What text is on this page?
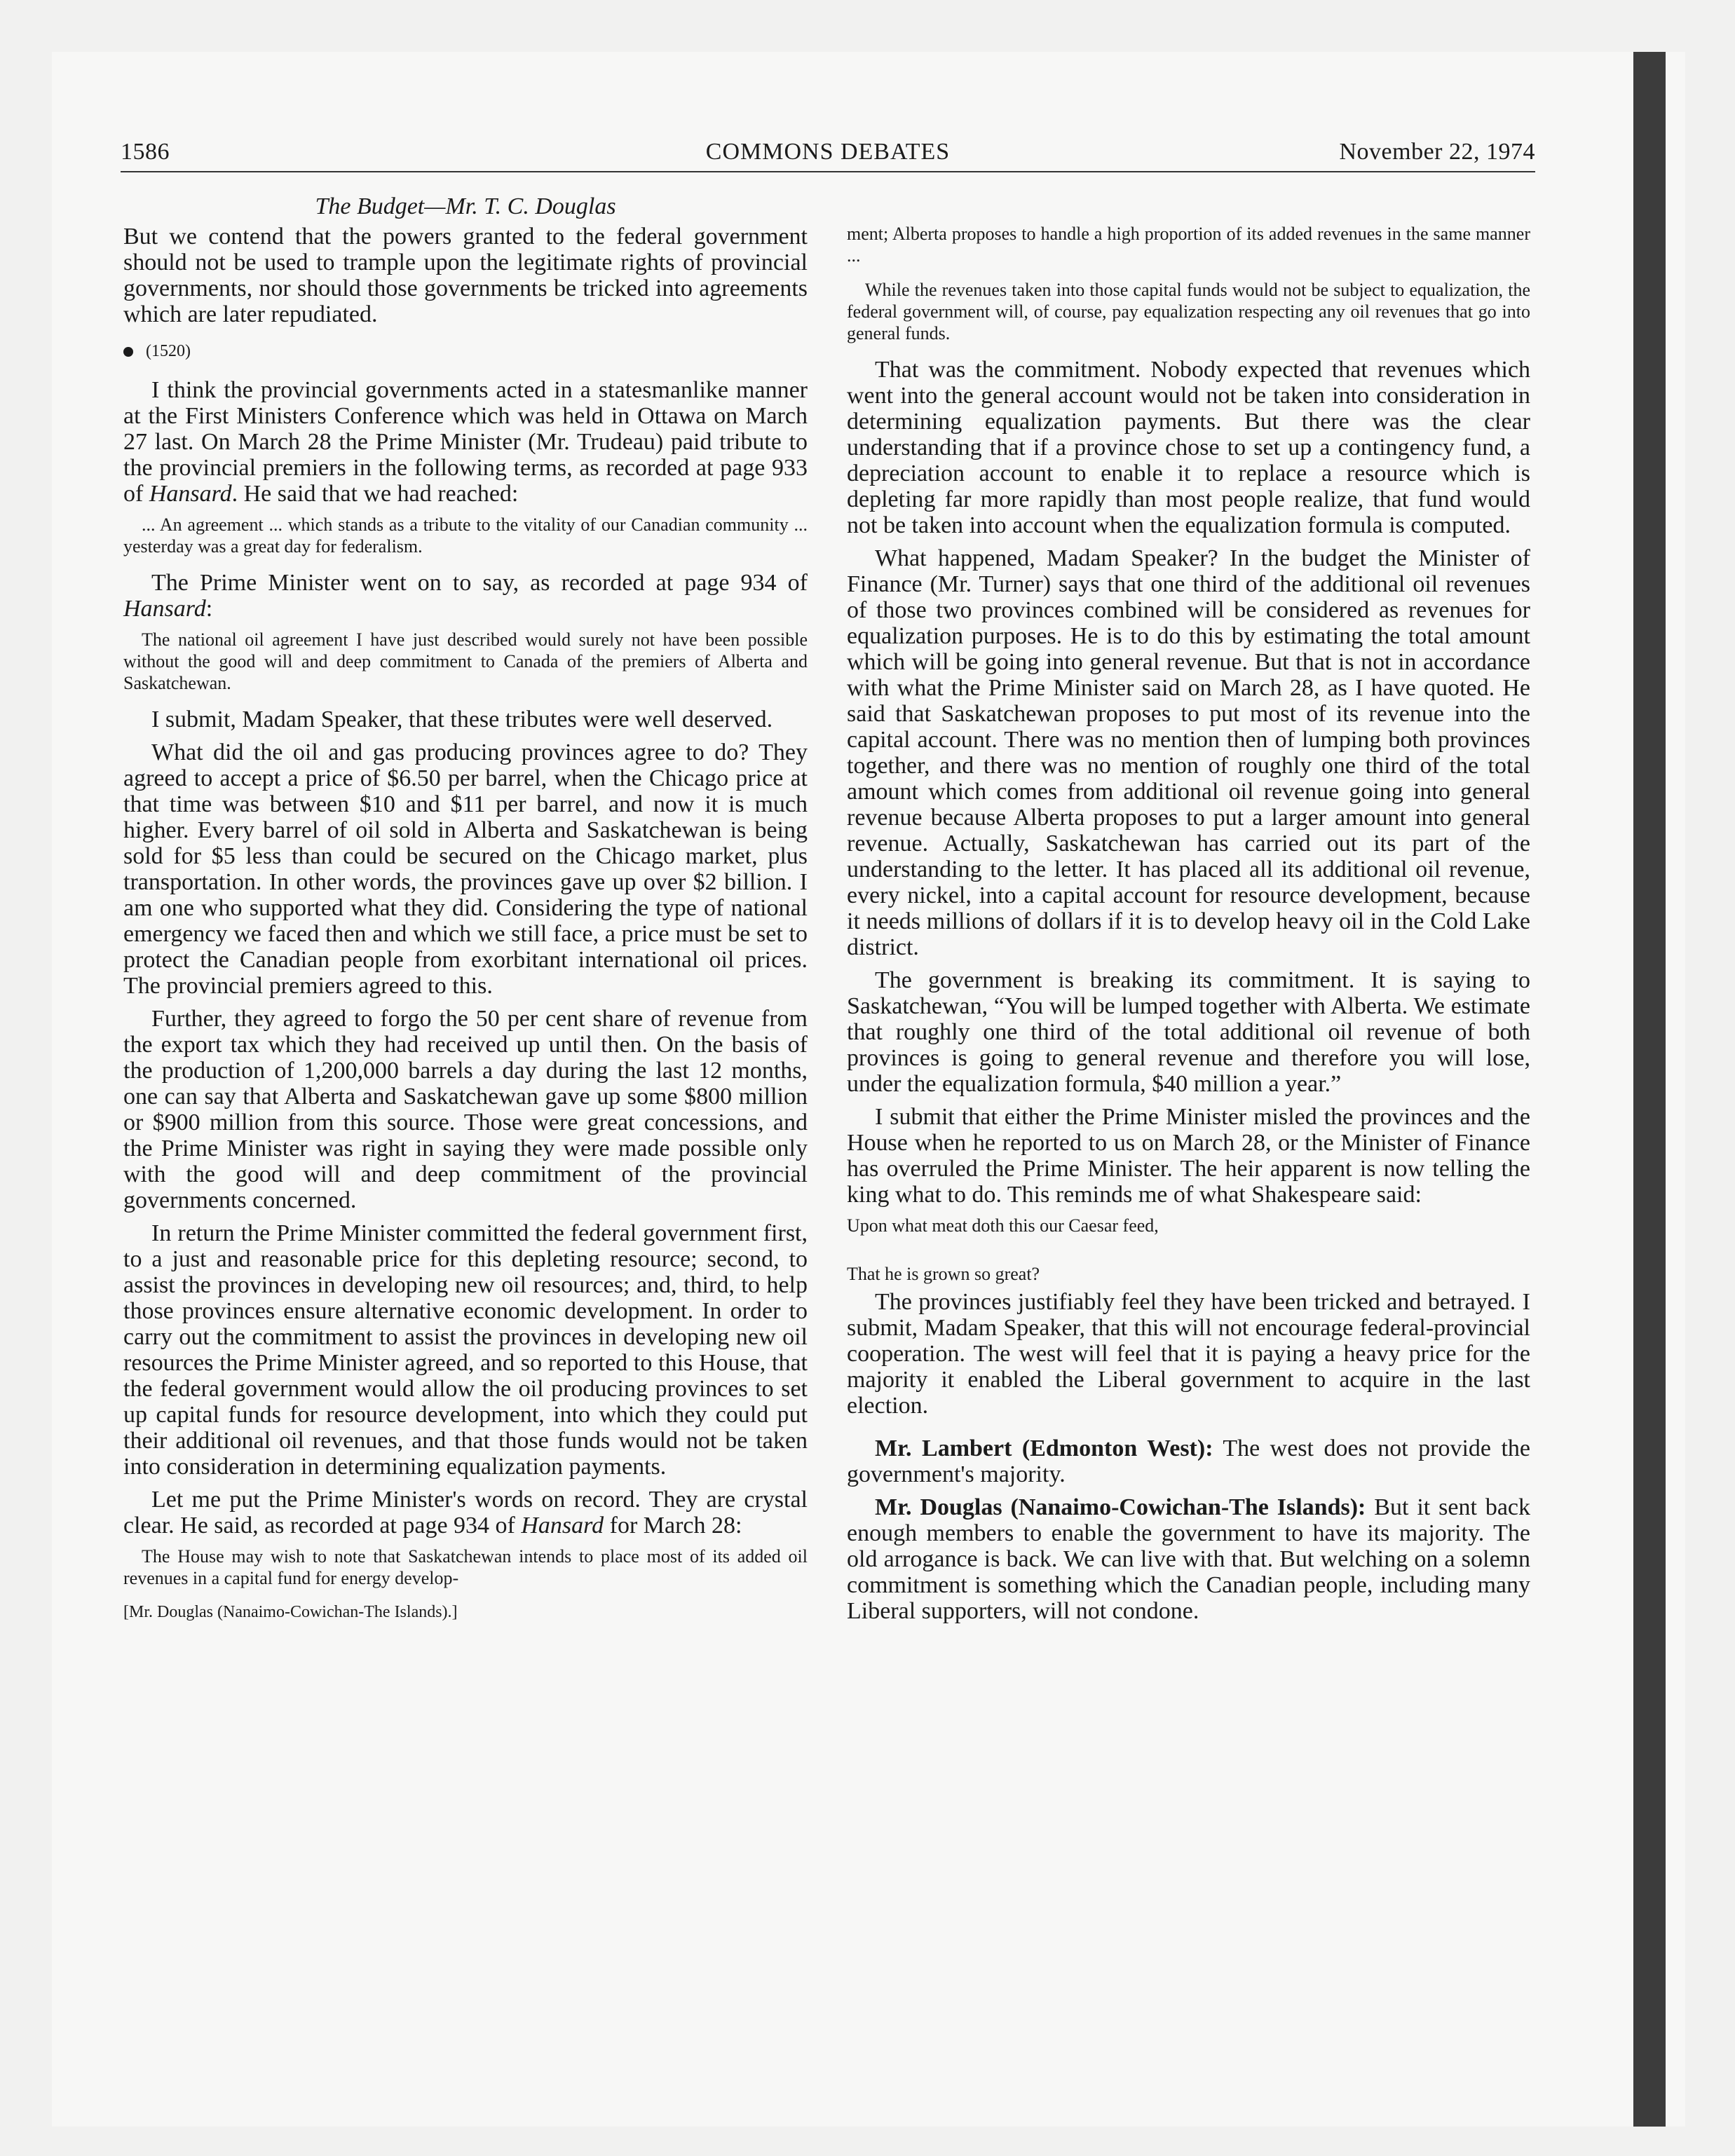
1586	COMMONS DEBATES	November 22, 1974
The Budget—Mr. T. C. Douglas

But we contend that the powers granted to the federal government should not be used to trample upon the legitimate rights of provincial governments, nor should those governments be tricked into agreements which are later repudiated.

(1520)

I think the provincial governments acted in a statesmanlike manner at the First Ministers Conference which was held in Ottawa on March 27 last. On March 28 the Prime Minister (Mr. Trudeau) paid tribute to the provincial premiers in the following terms, as recorded at page 933 of Hansard. He said that we had reached:

... An agreement ... which stands as a tribute to the vitality of our Canadian community ... yesterday was a great day for federalism.

The Prime Minister went on to say, as recorded at page 934 of Hansard:

The national oil agreement I have just described would surely not have been possible without the good will and deep commitment to Canada of the premiers of Alberta and Saskatchewan.

I submit, Madam Speaker, that these tributes were well deserved.

What did the oil and gas producing provinces agree to do? They agreed to accept a price of $6.50 per barrel, when the Chicago price at that time was between $10 and $11 per barrel, and now it is much higher. Every barrel of oil sold in Alberta and Saskatchewan is being sold for $5 less than could be secured on the Chicago market, plus transportation. In other words, the provinces gave up over $2 billion. I am one who supported what they did. Considering the type of national emergency we faced then and which we still face, a price must be set to protect the Canadian people from exorbitant international oil prices. The provincial premiers agreed to this.

Further, they agreed to forgo the 50 per cent share of revenue from the export tax which they had received up until then. On the basis of the production of 1,200,000 barrels a day during the last 12 months, one can say that Alberta and Saskatchewan gave up some $800 million or $900 million from this source. Those were great concessions, and the Prime Minister was right in saying they were made possible only with the good will and deep commitment of the provincial governments concerned.

In return the Prime Minister committed the federal government first, to a just and reasonable price for this depleting resource; second, to assist the provinces in developing new oil resources; and, third, to help those provinces ensure alternative economic development. In order to carry out the commitment to assist the provinces in developing new oil resources the Prime Minister agreed, and so reported to this House, that the federal government would allow the oil producing provinces to set up capital funds for resource development, into which they could put their additional oil revenues, and that those funds would not be taken into consideration in determining equalization payments.

Let me put the Prime Minister's words on record. They are crystal clear. He said, as recorded at page 934 of Hansard for March 28:

The House may wish to note that Saskatchewan intends to place most of its added oil revenues in a capital fund for energy develop-
[Mr. Douglas (Nanaimo-Cowichan-The Islands).]
ment; Alberta proposes to handle a high proportion of its added revenues in the same manner ...
While the revenues taken into those capital funds would not be subject to equalization, the federal government will, of course, pay equalization respecting any oil revenues that go into general funds.

That was the commitment. Nobody expected that revenues which went into the general account would not be taken into consideration in determining equalization payments. But there was the clear understanding that if a province chose to set up a contingency fund, a depreciation account to enable it to replace a resource which is depleting far more rapidly than most people realize, that fund would not be taken into account when the equalization formula is computed.

What happened, Madam Speaker? In the budget the Minister of Finance (Mr. Turner) says that one third of the additional oil revenues of those two provinces combined will be considered as revenues for equalization purposes. He is to do this by estimating the total amount which will be going into general revenue. But that is not in accordance with what the Prime Minister said on March 28, as I have quoted. He said that Saskatchewan proposes to put most of its revenue into the capital account. There was no mention then of lumping both provinces together, and there was no mention of roughly one third of the total amount which comes from additional oil revenue going into general revenue because Alberta proposes to put a larger amount into general revenue. Actually, Saskatchewan has carried out its part of the understanding to the letter. It has placed all its additional oil revenue, every nickel, into a capital account for resource development, because it needs millions of dollars if it is to develop heavy oil in the Cold Lake district.

The government is breaking its commitment. It is saying to Saskatchewan, “You will be lumped together with Alberta. We estimate that roughly one third of the total additional oil revenue of both provinces is going to general revenue and therefore you will lose, under the equalization formula, $40 million a year.”

I submit that either the Prime Minister misled the provinces and the House when he reported to us on March 28, or the Minister of Finance has overruled the Prime Minister. The heir apparent is now telling the king what to do. This reminds me of what Shakespeare said:

Upon what meat doth this our Caesar feed,
That he is grown so great?

The provinces justifiably feel they have been tricked and betrayed. I submit, Madam Speaker, that this will not encourage federal-provincial cooperation. The west will feel that it is paying a heavy price for the majority it enabled the Liberal government to acquire in the last election.

Mr. Lambert (Edmonton West): The west does not provide the government's majority.

Mr. Douglas (Nanaimo-Cowichan-The Islands): But it sent back enough members to enable the government to have its majority. The old arrogance is back. We can live with that. But welching on a solemn commitment is something which the Canadian people, including many Liberal supporters, will not condone.
